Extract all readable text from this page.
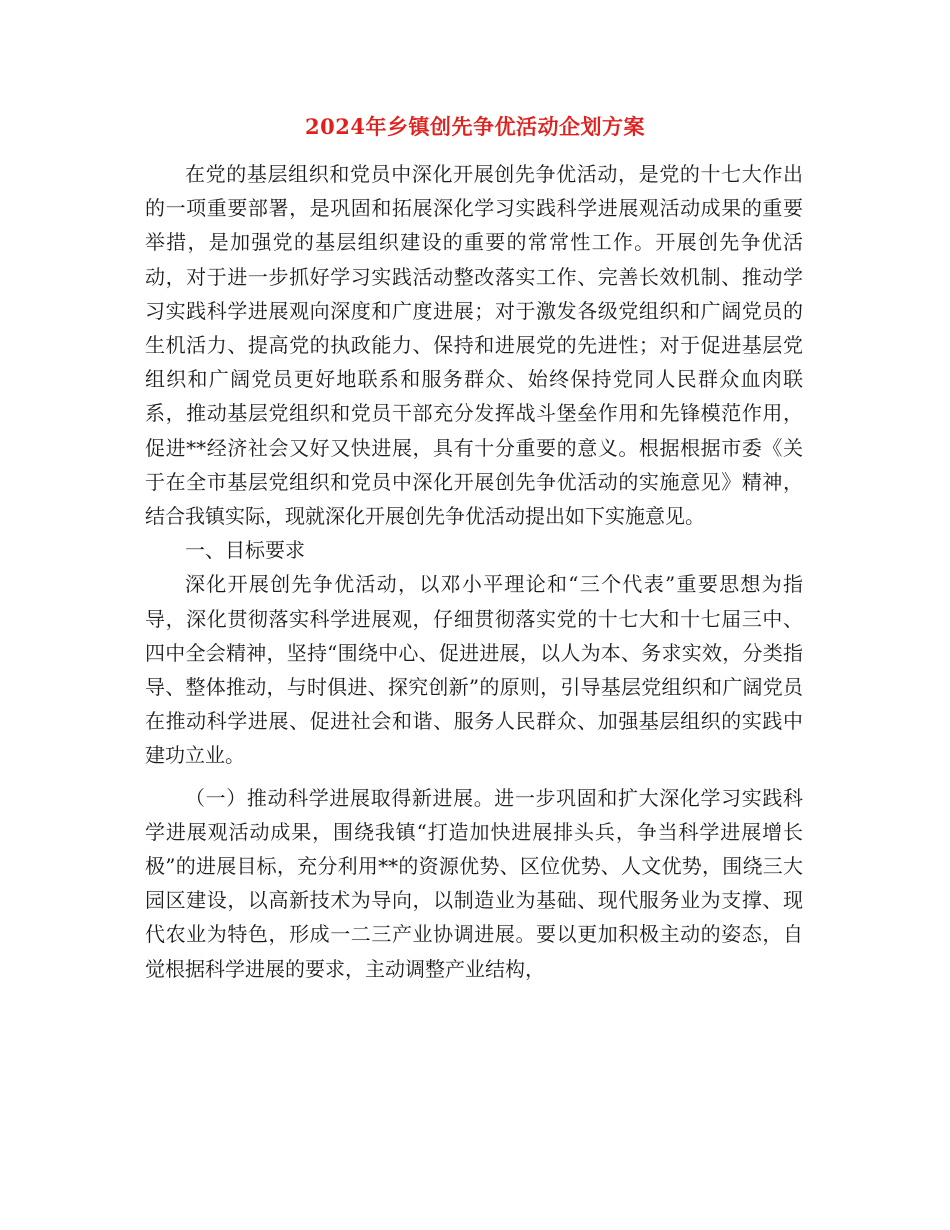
2024年乡镇创先争优活动企划方案

在党的基层组织和党员中深化开展创先争优活动，是党的十七大作出的一项重要部署，是巩固和拓展深化学习实践科学进展观活动成果的重要举措，是加强党的基层组织建设的重要的常常性工作。开展创先争优活动，对于进一步抓好学习实践活动整改落实工作、完善长效机制、推动学习实践科学进展观向深度和广度进展；对于激发各级党组织和广阔党员的生机活力、提高党的执政能力、保持和进展党的先进性；对于促进基层党组织和广阔党员更好地联系和服务群众、始终保持党同人民群众血肉联系，推动基层党组织和党员干部充分发挥战斗堡垒作用和先锋模范作用，促进**经济社会又好又快进展，具有十分重要的意义。根据根据市委《关于在全市基层党组织和党员中深化开展创先争优活动的实施意见》精神，结合我镇实际，现就深化开展创先争优活动提出如下实施意见。

一、目标要求

深化开展创先争优活动，以邓小平理论和“三个代表”重要思想为指导，深化贯彻落实科学进展观，仔细贯彻落实党的十七大和十七届三中、四中全会精神，坚持“围绕中心、促进进展，以人为本、务求实效，分类指导、整体推动，与时俱进、探究创新”的原则，引导基层党组织和广阔党员在推动科学进展、促进社会和谐、服务人民群众、加强基层组织的实践中建功立业。

（一）推动科学进展取得新进展。进一步巩固和扩大深化学习实践科学进展观活动成果，围绕我镇“打造加快进展排头兵，争当科学进展增长极”的进展目标，充分利用**的资源优势、区位优势、人文优势，围绕三大园区建设，以高新技术为导向，以制造业为基础、现代服务业为支撑、现代农业为特色，形成一二三产业协调进展。要以更加积极主动的姿态，自觉根据科学进展的要求，主动调整产业结构，
